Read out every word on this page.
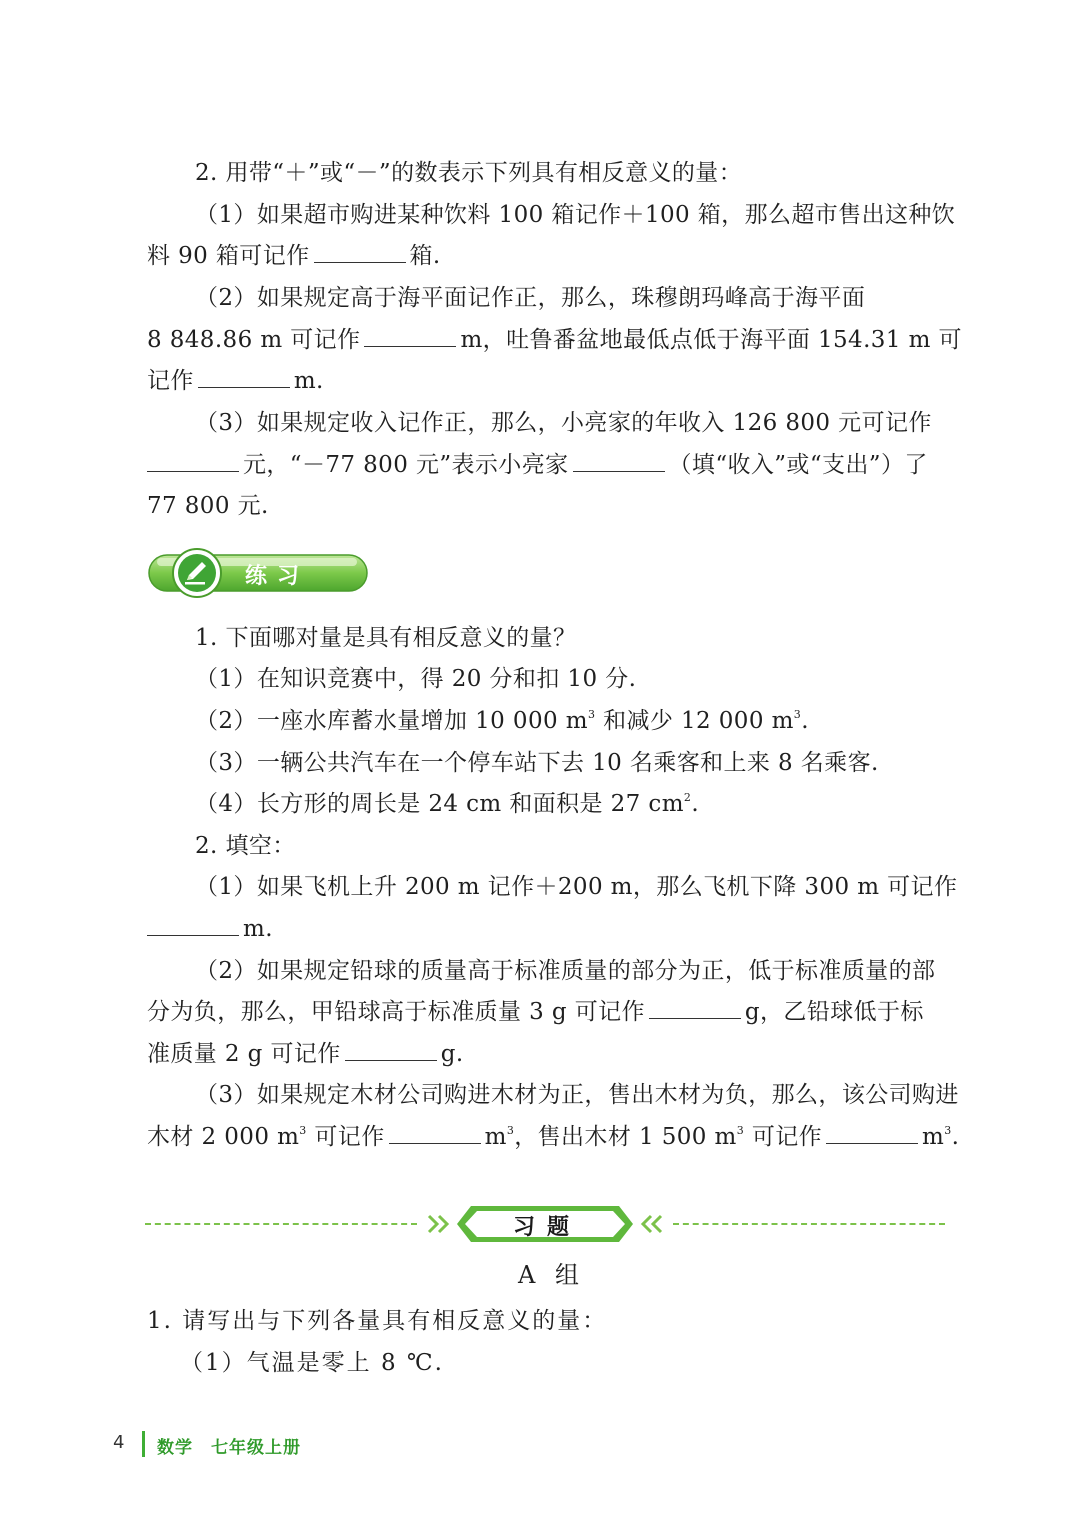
2. 用带“＋”或“－”的数表示下列具有相反意义的量：
（1）如果超市购进某种饮料 100 箱记作＋100 箱，那么超市售出这种饮
料 90 箱可记作	箱.
（2）如果规定高于海平面记作正，那么，珠穆朗玛峰高于海平面
8 848.86 m 可记作	m，吐鲁番盆地最低点低于海平面 154.31 m 可
记作	m.
（3）如果规定收入记作正，那么，小亮家的年收入 126 800 元可记作
元，“－77 800 元”表示小亮家	（填“收入”或“支出”）了
77 800 元.
练习
1. 下面哪对量是具有相反意义的量？
（1）在知识竞赛中，得 20 分和扣 10 分.
（2）一座水库蓄水量增加 10 000 $m^3$ 和减少 12 000 $m^3$.
（3）一辆公共汽车在一个停车站下去 10 名乘客和上来 8 名乘客.
（4）长方形的周长是 24 cm 和面积是 27 $cm^2$.
2. 填空：
（1）如果飞机上升 200 m 记作＋200 m，那么飞机下降 300 m 可记作
m.
（2）如果规定铅球的质量高于标准质量的部分为正，低于标准质量的部
分为负，那么，甲铅球高于标准质量 3 g 可记作	g，乙铅球低于标
准质量 2 g 可记作	g.
（3）如果规定木材公司购进木材为正，售出木材为负，那么，该公司购进
木材 2 000 $m^3$ 可记作	$m^3$，售出木材 1 500 $m^3$ 可记作	$m^3$.
习题
A 组
1. 请写出与下列各量具有相反意义的量：
（1）气温是零上 8 ℃.
4 数学　七年级上册
